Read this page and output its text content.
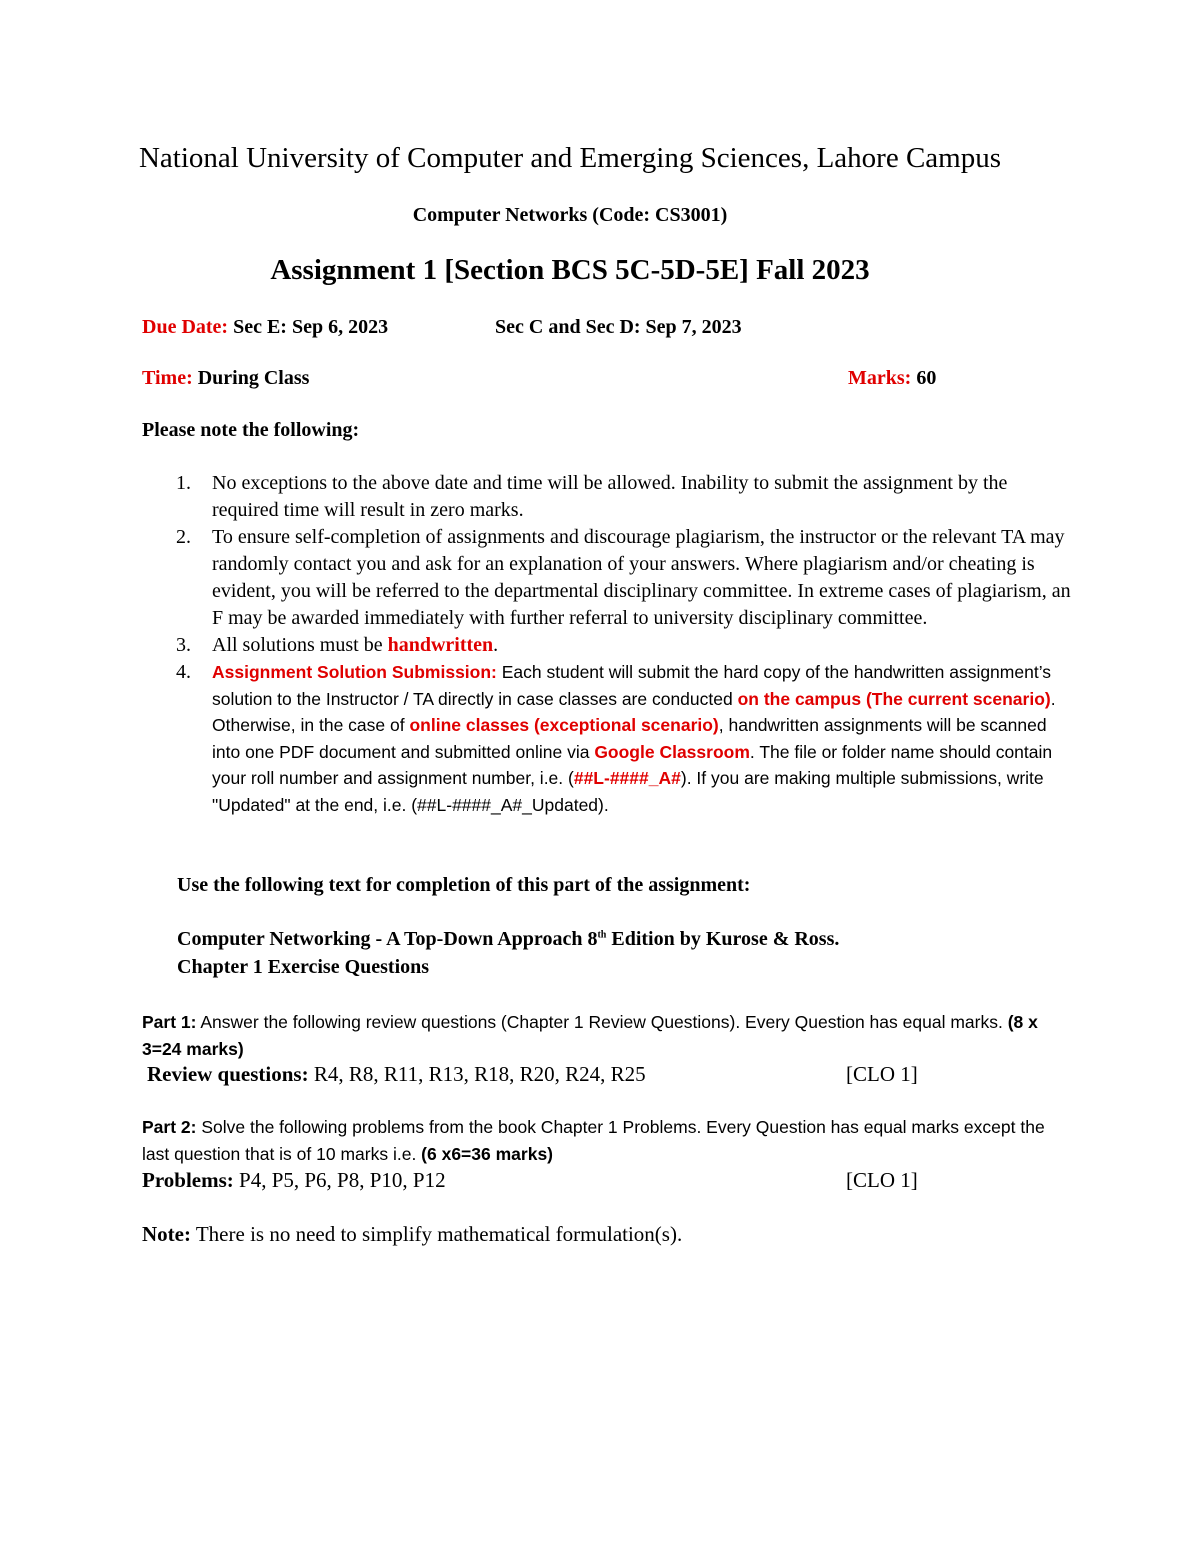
National University of Computer and Emerging Sciences, Lahore Campus
Computer Networks (Code: CS3001)
Assignment 1 [Section BCS 5C-5D-5E] Fall 2023
Due Date: Sec E: Sep 6, 2023	Sec C and Sec D: Sep 7, 2023
Time: During Class	Marks: 60
Please note the following:
1. No exceptions to the above date and time will be allowed. Inability to submit the assignment by the required time will result in zero marks.
2. To ensure self-completion of assignments and discourage plagiarism, the instructor or the relevant TA may randomly contact you and ask for an explanation of your answers. Where plagiarism and/or cheating is evident, you will be referred to the departmental disciplinary committee. In extreme cases of plagiarism, an F may be awarded immediately with further referral to university disciplinary committee.
3. All solutions must be handwritten.
4. Assignment Solution Submission: Each student will submit the hard copy of the handwritten assignment’s solution to the Instructor / TA directly in case classes are conducted on the campus (The current scenario). Otherwise, in the case of online classes (exceptional scenario), handwritten assignments will be scanned into one PDF document and submitted online via Google Classroom. The file or folder name should contain your roll number and assignment number, i.e. (##L-####_A#). If you are making multiple submissions, write "Updated" at the end, i.e. (##L-####_A#_Updated).
Use the following text for completion of this part of the assignment:
Computer Networking - A Top-Down Approach 8th Edition by Kurose & Ross.
Chapter 1 Exercise Questions
Part 1: Answer the following review questions (Chapter 1 Review Questions). Every Question has equal marks. (8 x 3=24 marks)
Review questions: R4, R8, R11, R13, R18, R20, R24, R25	[CLO 1]
Part 2: Solve the following problems from the book Chapter 1 Problems. Every Question has equal marks except the last question that is of 10 marks i.e. (6 x6=36 marks)
Problems: P4, P5, P6, P8, P10, P12	[CLO 1]
Note: There is no need to simplify mathematical formulation(s).
